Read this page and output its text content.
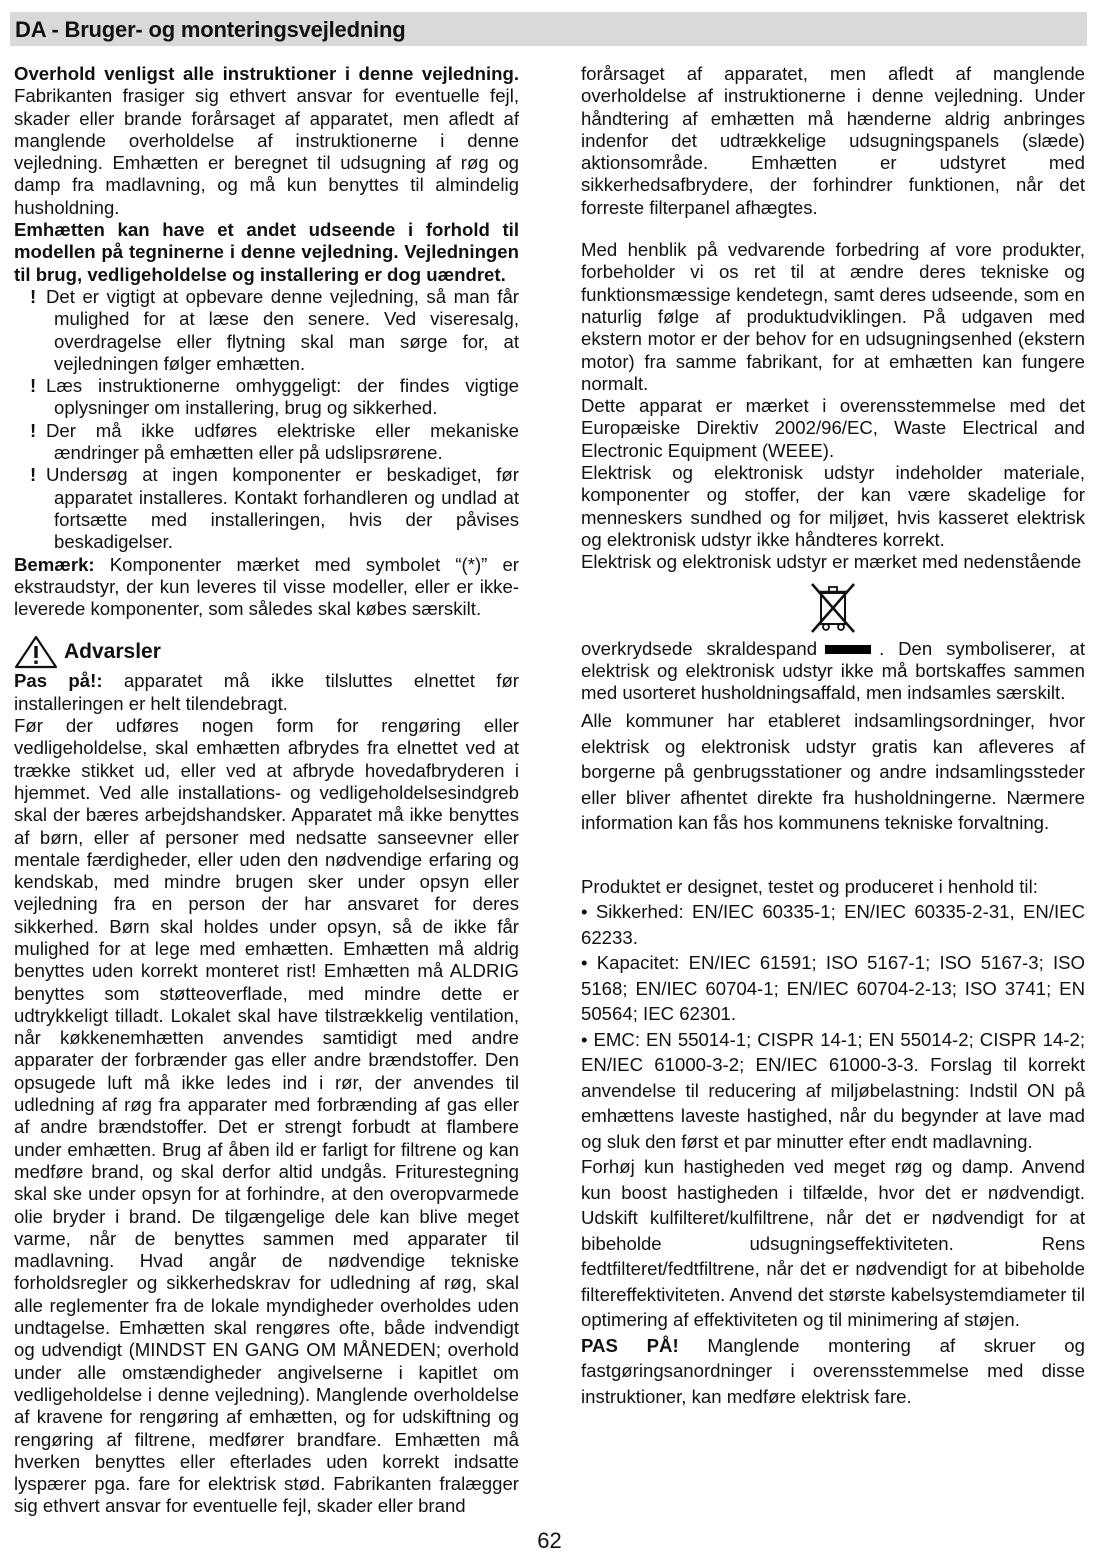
DA - Bruger- og monteringsvejledning

Overhold venligst alle instruktioner i denne vejledning. Fabrikanten frasiger sig ethvert ansvar for eventuelle fejl, skader eller brande forårsaget af apparatet, men afledt af manglende overholdelse af instruktionerne i denne vejledning. Emhætten er beregnet til udsugning af røg og damp fra madlavning, og må kun benyttes til almindelig husholdning.

Emhætten kan have et andet udseende i forhold til modellen på tegninerne i denne vejledning. Vejledningen til brug, vedligeholdelse og installering er dog uændret.

! Det er vigtigt at opbevare denne vejledning, så man får mulighed for at læse den senere. Ved viseresalg, overdragelse eller flytning skal man sørge for, at vejledningen følger emhætten.

! Læs instruktionerne omhyggeligt: der findes vigtige oplysninger om installering, brug og sikkerhed.

! Der må ikke udføres elektriske eller mekaniske ændringer på emhætten eller på udslipsrørene.

! Undersøg at ingen komponenter er beskadiget, før apparatet installeres. Kontakt forhandleren og undlad at fortsætte med installeringen, hvis der påvises beskadigelser.

Bemærk: Komponenter mærket med symbolet “(*)” er ekstraudstyr, der kun leveres til visse modeller, eller er ikke-leverede komponenter, som således skal købes særskilt.

Advarsler

Pas på!: apparatet må ikke tilsluttes elnettet før installeringen er helt tilendebragt.

Før der udføres nogen form for rengøring eller vedligeholdelse, skal emhætten afbrydes fra elnettet ved at trække stikket ud, eller ved at afbryde hovedafbryderen i hjemmet. Ved alle installations- og vedligeholdelsesindgreb skal der bæres arbejdshandsker. Apparatet må ikke benyttes af børn, eller af personer med nedsatte sanseevner eller mentale færdigheder, eller uden den nødvendige erfaring og kendskab, med mindre brugen sker under opsyn eller vejledning fra en person der har ansvaret for deres sikkerhed. Børn skal holdes under opsyn, så de ikke får mulighed for at lege med emhætten. Emhætten må aldrig benyttes uden korrekt monteret rist! Emhætten må ALDRIG benyttes som støtteoverflade, med mindre dette er udtrykkeligt tilladt. Lokalet skal have tilstrækkelig ventilation, når køkkenemhætten anvendes samtidigt med andre apparater der forbrænder gas eller andre brændstoffer. Den opsugede luft må ikke ledes ind i rør, der anvendes til udledning af røg fra apparater med forbrænding af gas eller af andre brændstoffer. Det er strengt forbudt at flambere under emhætten. Brug af åben ild er farligt for filtrene og kan medføre brand, og skal derfor altid undgås. Friturestegning skal ske under opsyn for at forhindre, at den overopvarmede olie bryder i brand. De tilgængelige dele kan blive meget varme, når de benyttes sammen med apparater til madlavning. Hvad angår de nødvendige tekniske forholdsregler og sikkerhedskrav for udledning af røg, skal alle reglementer fra de lokale myndigheder overholdes uden undtagelse. Emhætten skal rengøres ofte, både indvendigt og udvendigt (MINDST EN GANG OM MÅNEDEN; overhold under alle omstændigheder angivelserne i kapitlet om vedligeholdelse i denne vejledning). Manglende overholdelse af kravene for rengøring af emhætten, og for udskiftning og rengøring af filtrene, medfører brandfare. Emhætten må hverken benyttes eller efterlades uden korrekt indsatte lyspærer pga. fare for elektrisk stød. Fabrikanten fralægger sig ethvert ansvar for eventuelle fejl, skader eller brand

forårsaget af apparatet, men afledt af manglende overholdelse af instruktionerne i denne vejledning. Under håndtering af emhætten må hænderne aldrig anbringes indenfor det udtrækkelige udsugningspanels (slæde) aktionsområde. Emhætten er udstyret med sikkerhedsafbrydere, der forhindrer funktionen, når det forreste filterpanel afhægtes.

Med henblik på vedvarende forbedring af vore produkter, forbeholder vi os ret til at ændre deres tekniske og funktionsmæssige kendetegn, samt deres udseende, som en naturlig følge af produktudviklingen. På udgaven med ekstern motor er der behov for en udsugningsenhed (ekstern motor) fra samme fabrikant, for at emhætten kan fungere normalt.

Dette apparat er mærket i overensstemmelse med det Europæiske Direktiv 2002/96/EC, Waste Electrical and Electronic Equipment (WEEE).

Elektrisk og elektronisk udstyr indeholder materiale, komponenter og stoffer, der kan være skadelige for menneskers sundhed og for miljøet, hvis kasseret elektrisk og elektronisk udstyr ikke håndteres korrekt.

Elektrisk og elektronisk udstyr er mærket med nedenstående

overkrydsede skraldespand	. Den symboliserer, at elektrisk og elektronisk udstyr ikke må bortskaffes sammen med usorteret husholdningsaffald, men indsamles særskilt.

Alle kommuner har etableret indsamlingsordninger, hvor elektrisk og elektronisk udstyr gratis kan afleveres af borgerne på genbrugsstationer og andre indsamlingssteder eller bliver afhentet direkte fra husholdningerne. Nærmere information kan fås hos kommunens tekniske forvaltning.

Produktet er designet, testet og produceret i henhold til:

• Sikkerhed: EN/IEC 60335-1; EN/IEC 60335-2-31, EN/IEC 62233.

• Kapacitet: EN/IEC 61591; ISO 5167-1; ISO 5167-3; ISO 5168; EN/IEC 60704-1; EN/IEC 60704-2-13; ISO 3741; EN 50564; IEC 62301.

• EMC: EN 55014-1; CISPR 14-1; EN 55014-2; CISPR 14-2; EN/IEC 61000-3-2; EN/IEC 61000-3-3. Forslag til korrekt anvendelse til reducering af miljøbelastning: Indstil ON på emhættens laveste hastighed, når du begynder at lave mad og sluk den først et par minutter efter endt madlavning.

Forhøj kun hastigheden ved meget røg og damp. Anvend kun boost hastigheden i tilfælde, hvor det er nødvendigt. Udskift kulfilteret/kulfiltrene, når det er nødvendigt for at bibeholde udsugningseffektiviteten. Rens fedtfilteret/fedtfiltrene, når det er nødvendigt for at bibeholde filtereffektiviteten. Anvend det største kabelsystemdiameter til optimering af effektiviteten og til minimering af støjen.

PAS PÅ! Manglende montering af skruer og fastgøringsanordninger i overensstemmelse med disse instruktioner, kan medføre elektrisk fare.

62
